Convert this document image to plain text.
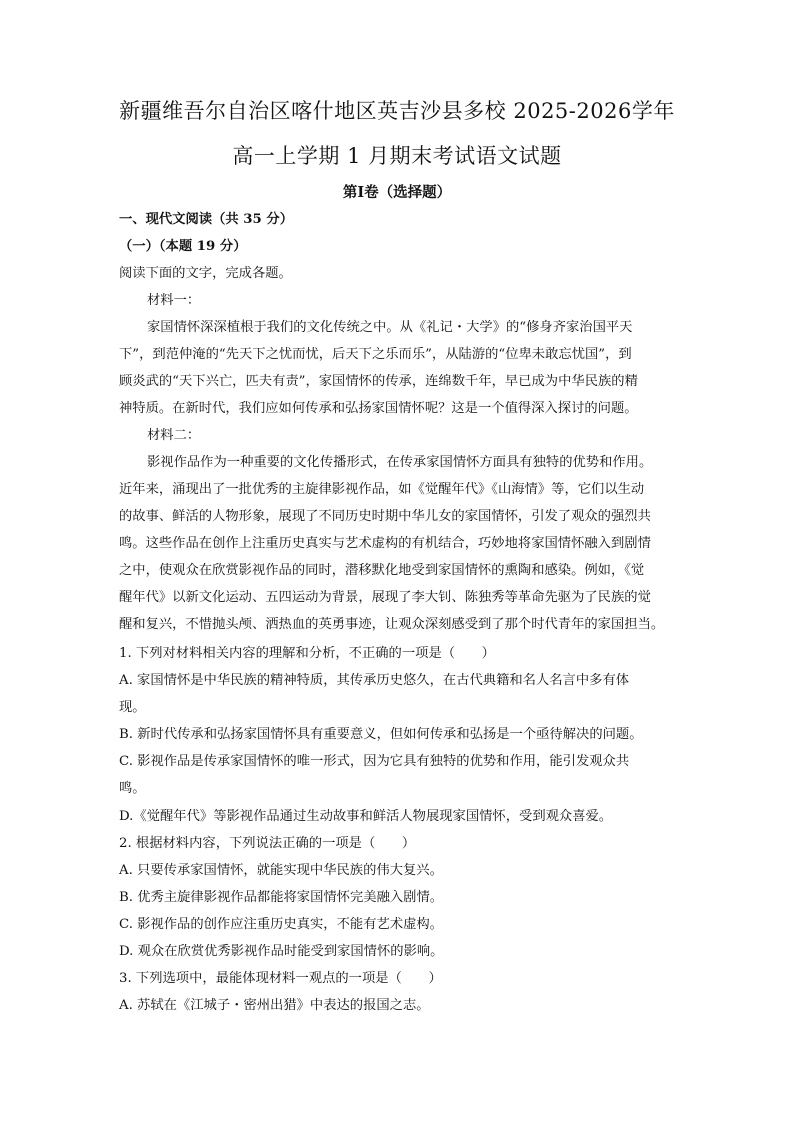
新疆维吾尔自治区喀什地区英吉沙县多校 2025-2026学年
高一上学期 1 月期末考试语文试题
第Ⅰ卷（选择题）
一、现代文阅读（共 35 分）
（一）（本题 19 分）
阅读下面的文字，完成各题。
材料一：
家国情怀深深植根于我们的文化传统之中。从《礼记・大学》的“修身齐家治国平天
下”，到范仲淹的“先天下之忧而忧，后天下之乐而乐”，从陆游的“位卑未敢忘忧国”，到
顾炎武的“天下兴亡，匹夫有责”，家国情怀的传承，连绵数千年，早已成为中华民族的精
神特质。在新时代，我们应如何传承和弘扬家国情怀呢？这是一个值得深入探讨的问题。
材料二：
影视作品作为一种重要的文化传播形式，在传承家国情怀方面具有独特的优势和作用。
近年来，涌现出了一批优秀的主旋律影视作品，如《觉醒年代》《山海情》等，它们以生动
的故事、鲜活的人物形象，展现了不同历史时期中华儿女的家国情怀，引发了观众的强烈共
鸣。这些作品在创作上注重历史真实与艺术虚构的有机结合，巧妙地将家国情怀融入到剧情
之中，使观众在欣赏影视作品的同时，潜移默化地受到家国情怀的熏陶和感染。例如，《觉
醒年代》以新文化运动、五四运动为背景，展现了李大钊、陈独秀等革命先驱为了民族的觉
醒和复兴，不惜抛头颅、洒热血的英勇事迹，让观众深刻感受到了那个时代青年的家国担当。
1. 下列对材料相关内容的理解和分析，不正确的一项是（　　）
A. 家国情怀是中华民族的精神特质，其传承历史悠久，在古代典籍和名人名言中多有体
现。
B. 新时代传承和弘扬家国情怀具有重要意义，但如何传承和弘扬是一个亟待解决的问题。
C. 影视作品是传承家国情怀的唯一形式，因为它具有独特的优势和作用，能引发观众共
鸣。
D.《觉醒年代》等影视作品通过生动故事和鲜活人物展现家国情怀，受到观众喜爱。
2. 根据材料内容，下列说法正确的一项是（　　）
A. 只要传承家国情怀，就能实现中华民族的伟大复兴。
B. 优秀主旋律影视作品都能将家国情怀完美融入剧情。
C. 影视作品的创作应注重历史真实，不能有艺术虚构。
D. 观众在欣赏优秀影视作品时能受到家国情怀的影响。
3. 下列选项中，最能体现材料一观点的一项是（　　）
A. 苏轼在《江城子・密州出猎》中表达的报国之志。
